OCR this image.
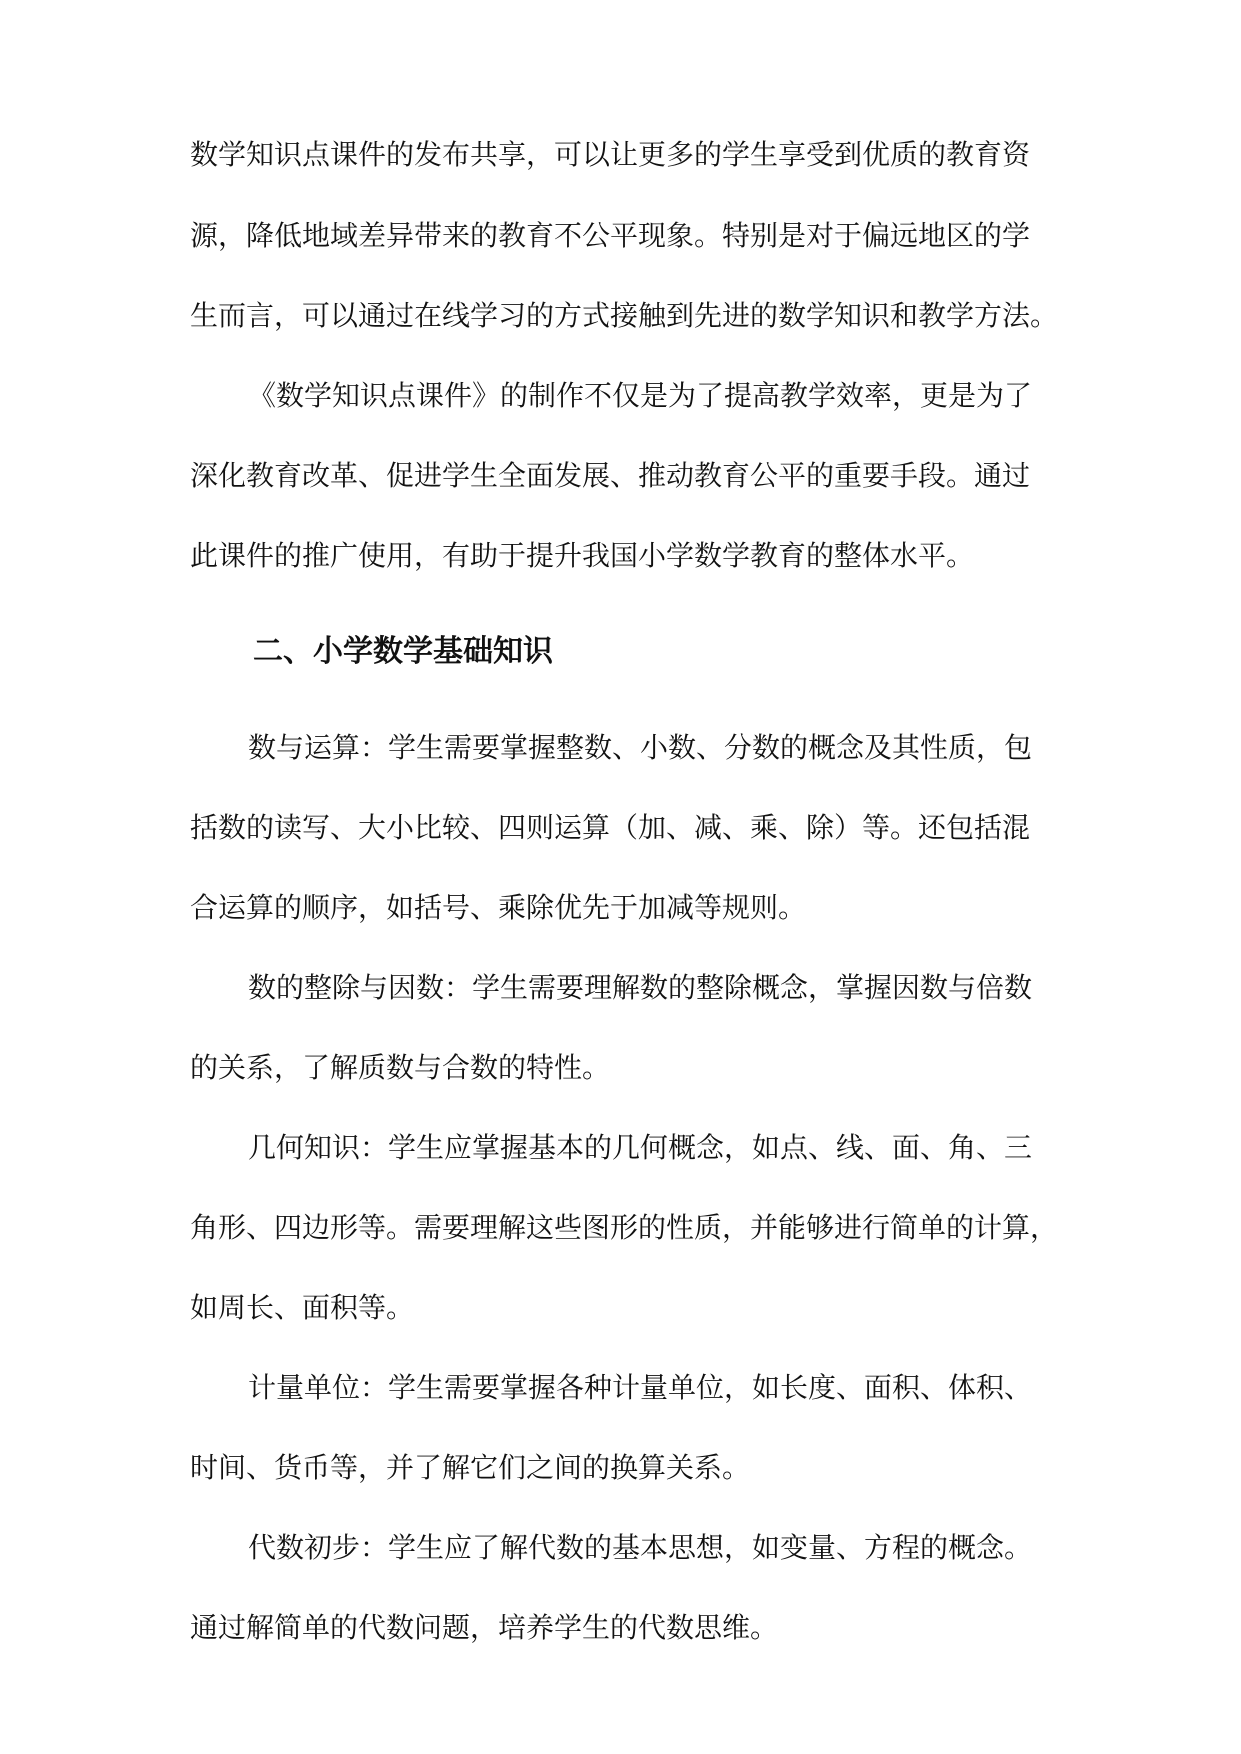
数学知识点课件的发布共享，可以让更多的学生享受到优质的教育资
源，降低地域差异带来的教育不公平现象。特别是对于偏远地区的学
生而言，可以通过在线学习的方式接触到先进的数学知识和教学方法。
《数学知识点课件》的制作不仅是为了提高教学效率，更是为了
深化教育改革、促进学生全面发展、推动教育公平的重要手段。通过
此课件的推广使用，有助于提升我国小学数学教育的整体水平。
二、小学数学基础知识
数与运算：学生需要掌握整数、小数、分数的概念及其性质，包
括数的读写、大小比较、四则运算（加、减、乘、除）等。还包括混
合运算的顺序，如括号、乘除优先于加减等规则。
数的整除与因数：学生需要理解数的整除概念，掌握因数与倍数
的关系，了解质数与合数的特性。
几何知识：学生应掌握基本的几何概念，如点、线、面、角、三
角形、四边形等。需要理解这些图形的性质，并能够进行简单的计算，
如周长、面积等。
计量单位：学生需要掌握各种计量单位，如长度、面积、体积、
时间、货币等，并了解它们之间的换算关系。
代数初步：学生应了解代数的基本思想，如变量、方程的概念。
通过解简单的代数问题，培养学生的代数思维。
